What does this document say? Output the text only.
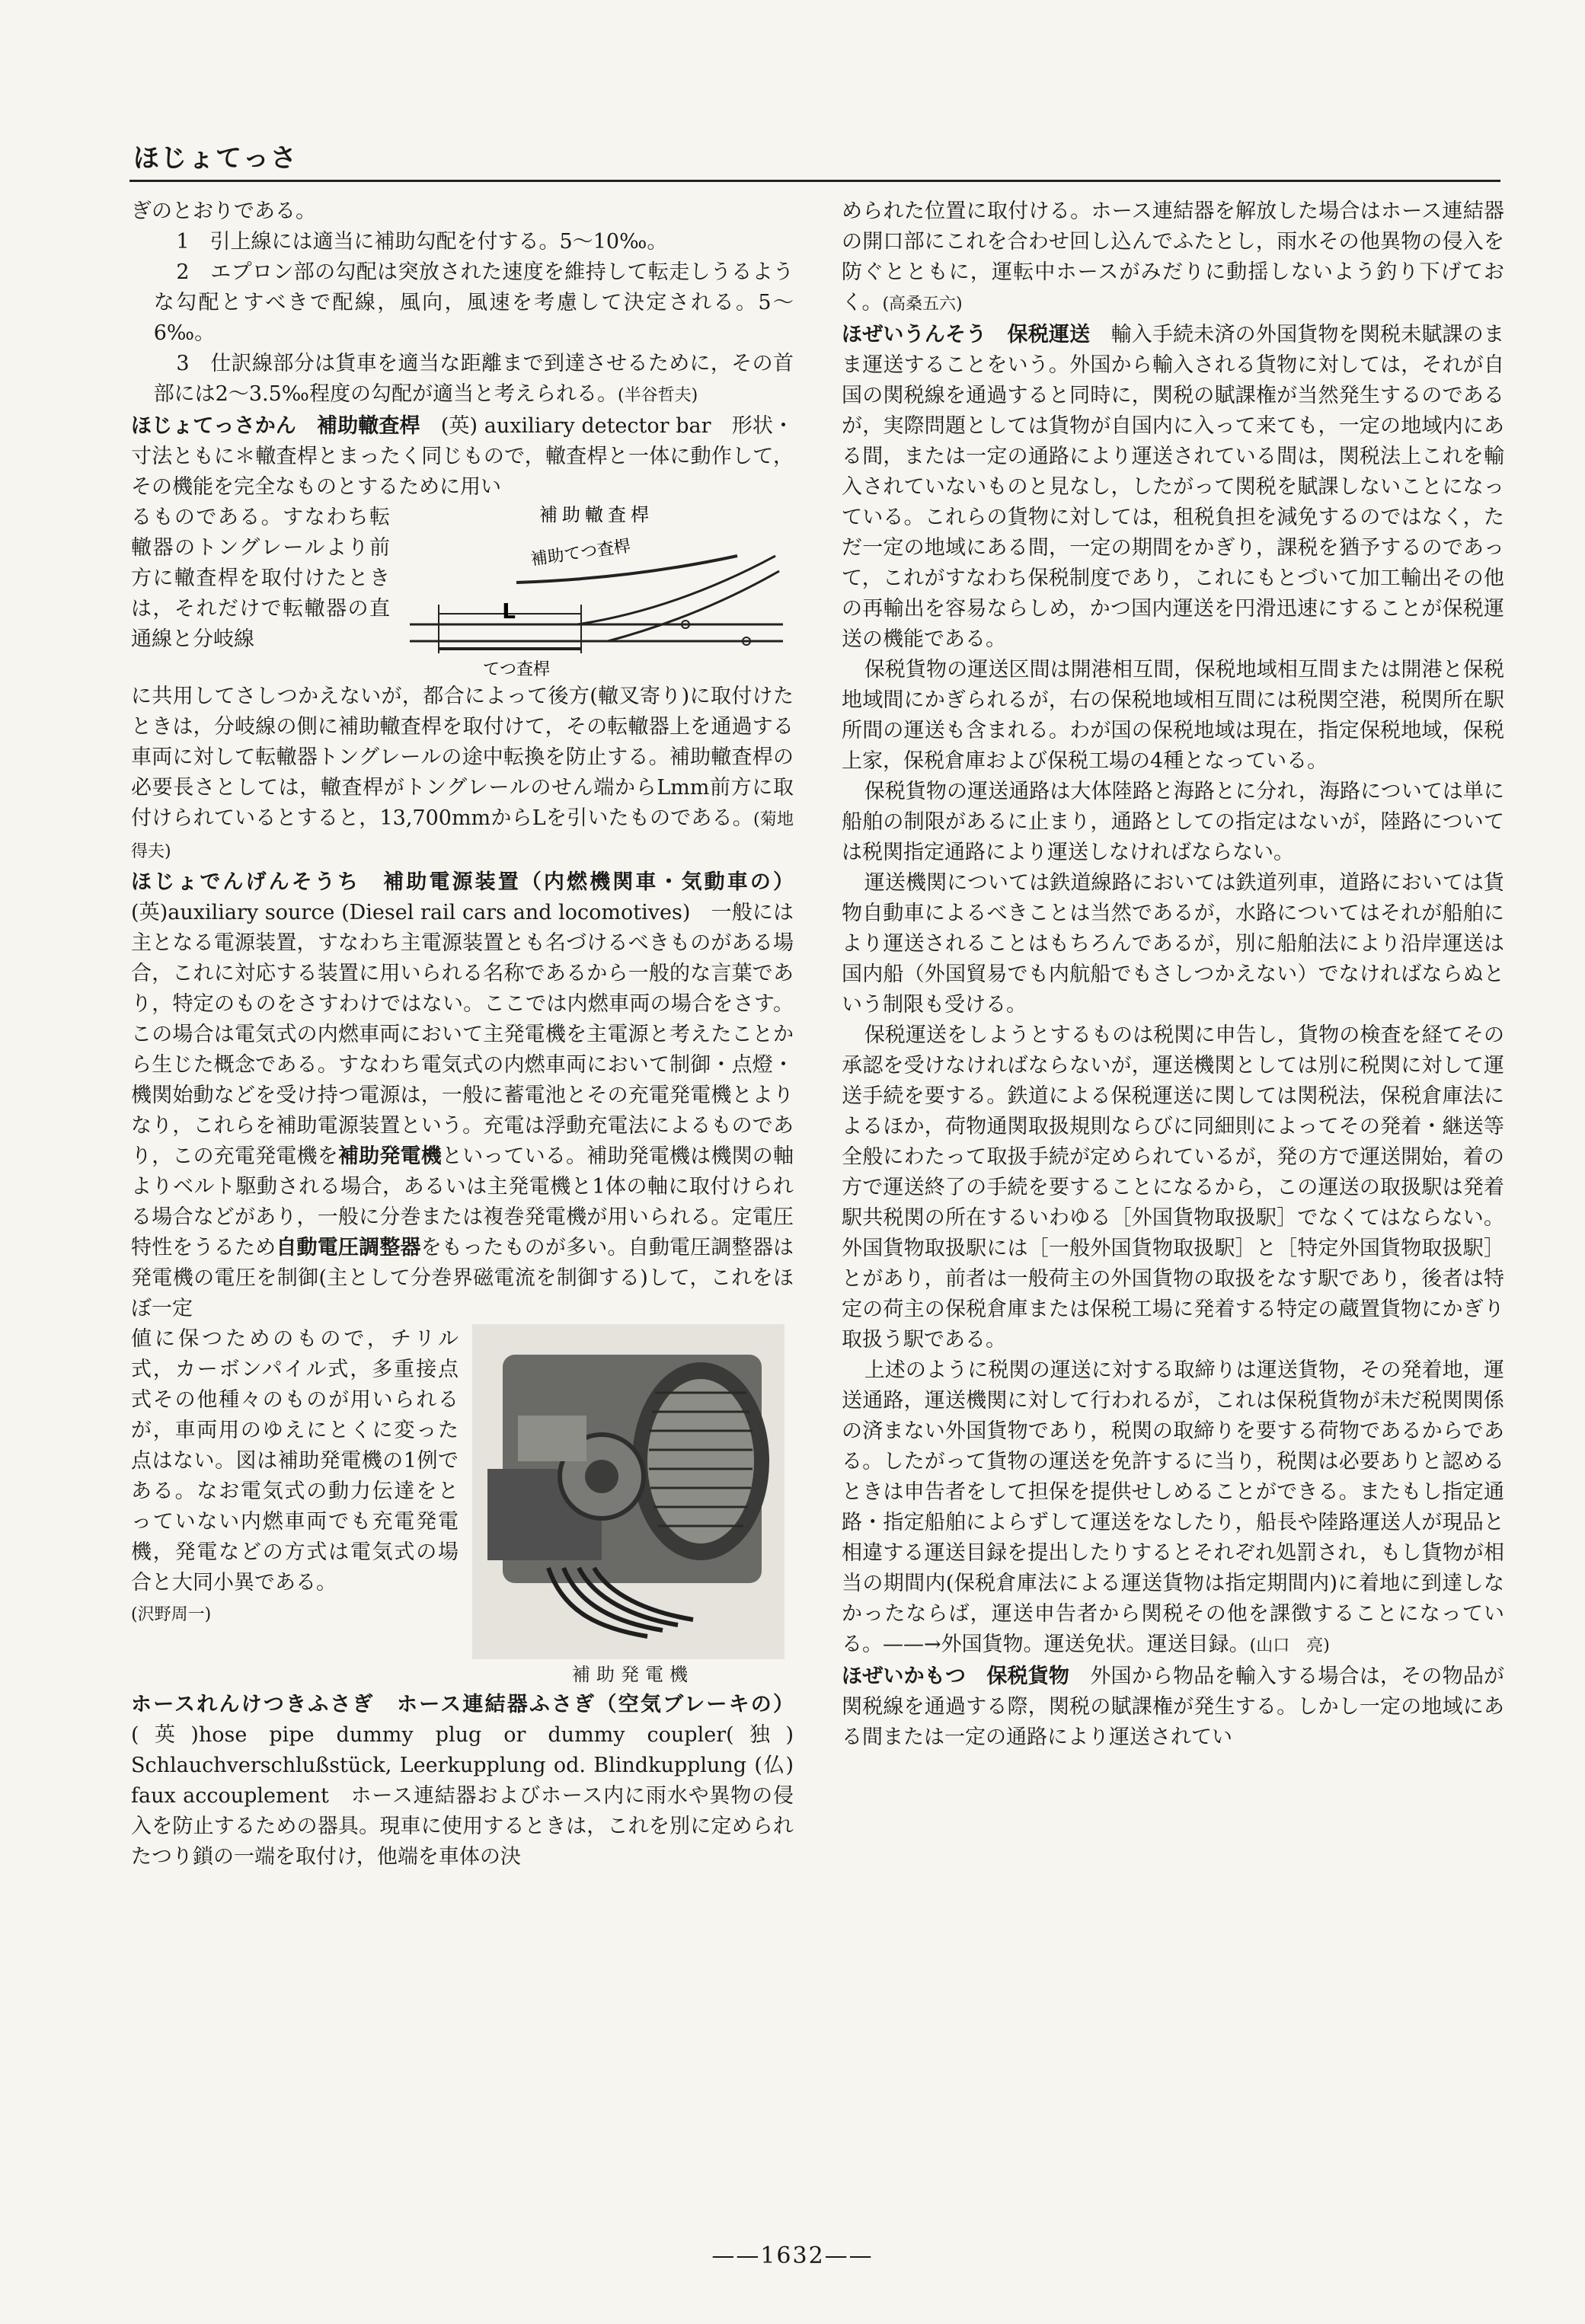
ほじょてっさ

ぎのとおりである。

1　引上線には適当に補助勾配を付する。5～10‰。

2　エプロン部の勾配は突放された速度を維持して転走しうるような勾配とすべきで配線，風向，風速を考慮して決定される。5～6‰。

3　仕訳線部分は貨車を適当な距離まで到達させるために，その首部には2～3.5‰程度の勾配が適当と考えられる。(半谷哲夫)

ほじょてっさかん　補助轍査桿　(英) auxiliary detector bar　形状・寸法ともに＊轍査桿とまったく同じもので，轍査桿と一体に動作して，その機能を完全なものとするために用い

るものである。すなわち転轍器のトングレールより前方に轍査桿を取付けたときは，それだけで転轍器の直通線と分岐線
補助轍査桿
L
補助てつ査桿
てつ査桿

に共用してさしつかえないが，都合によって後方(轍叉寄り)に取付けたときは，分岐線の側に補助轍査桿を取付けて，その転轍器上を通過する車両に対して転轍器トングレールの途中転換を防止する。補助轍査桿の必要長さとしては，轍査桿がトングレールのせん端からLmm前方に取付けられているとすると，13,700mmからLを引いたものである。(菊地得夫)

ほじょでんげんそうち　補助電源装置（内燃機関車・気動車の）(英)auxiliary source (Diesel rail cars and locomotives)　一般には主となる電源装置，すなわち主電源装置とも名づけるべきものがある場合，これに対応する装置に用いられる名称であるから一般的な言葉であり，特定のものをさすわけではない。ここでは内燃車両の場合をさす。この場合は電気式の内燃車両において主発電機を主電源と考えたことから生じた概念である。すなわち電気式の内燃車両において制御・点燈・機関始動などを受け持つ電源は，一般に蓄電池とその充電発電機とよりなり，これらを補助電源装置という。充電は浮動充電法によるものであり，この充電発電機を補助発電機といっている。補助発電機は機関の軸よりベルト駆動される場合，あるいは主発電機と1体の軸に取付けられる場合などがあり，一般に分巻または複巻発電機が用いられる。定電圧特性をうるため自動電圧調整器をもったものが多い。自動電圧調整器は発電機の電圧を制御(主として分巻界磁電流を制御する)して，これをほぼ一定

値に保つためのもので，チリル式，カーボンパイル式，多重接点式その他種々のものが用いられるが，車両用のゆえにとくに変った点はない。図は補助発電機の1例である。なお電気式の動力伝達をとっていない内燃車両でも充電発電機，発電などの方式は電気式の場合と大同小異である。
(沢野周一)
補助発電機

ホースれんけつきふさぎ　ホース連結器ふさぎ（空気ブレーキの）(英)hose pipe dummy plug or dummy coupler(独) Schlauchverschlußstück, Leerkupplung od. Blindkupplung (仏) faux accouplement　ホース連結器およびホース内に雨水や異物の侵入を防止するための器具。現車に使用するときは，これを別に定められたつり鎖の一端を取付け，他端を車体の決

められた位置に取付ける。ホース連結器を解放した場合はホース連結器の開口部にこれを合わせ回し込んでふたとし，雨水その他異物の侵入を防ぐとともに，運転中ホースがみだりに動揺しないよう釣り下げておく。(高桑五六)

ほぜいうんそう　保税運送　輸入手続未済の外国貨物を関税未賦課のまま運送することをいう。外国から輸入される貨物に対しては，それが自国の関税線を通過すると同時に，関税の賦課権が当然発生するのであるが，実際問題としては貨物が自国内に入って来ても，一定の地域内にある間，または一定の通路により運送されている間は，関税法上これを輸入されていないものと見なし，したがって関税を賦課しないことになっている。これらの貨物に対しては，租税負担を減免するのではなく，ただ一定の地域にある間，一定の期間をかぎり，課税を猶予するのであって，これがすなわち保税制度であり，これにもとづいて加工輸出その他の再輸出を容易ならしめ，かつ国内運送を円滑迅速にすることが保税運送の機能である。

保税貨物の運送区間は開港相互間，保税地域相互間または開港と保税地域間にかぎられるが，右の保税地域相互間には税関空港，税関所在駅所間の運送も含まれる。わが国の保税地域は現在，指定保税地域，保税上家，保税倉庫および保税工場の4種となっている。

保税貨物の運送通路は大体陸路と海路とに分れ，海路については単に船舶の制限があるに止まり，通路としての指定はないが，陸路については税関指定通路により運送しなければならない。

運送機関については鉄道線路においては鉄道列車，道路においては貨物自動車によるべきことは当然であるが，水路についてはそれが船舶により運送されることはもちろんであるが，別に船舶法により沿岸運送は国内船（外国貿易でも内航船でもさしつかえない）でなければならぬという制限も受ける。

保税運送をしようとするものは税関に申告し，貨物の検査を経てその承認を受けなければならないが，運送機関としては別に税関に対して運送手続を要する。鉄道による保税運送に関しては関税法，保税倉庫法によるほか，荷物通関取扱規則ならびに同細則によってその発着・継送等全般にわたって取扱手続が定められているが，発の方で運送開始，着の方で運送終了の手続を要することになるから，この運送の取扱駅は発着駅共税関の所在するいわゆる［外国貨物取扱駅］でなくてはならない。外国貨物取扱駅には［一般外国貨物取扱駅］と［特定外国貨物取扱駅］とがあり，前者は一般荷主の外国貨物の取扱をなす駅であり，後者は特定の荷主の保税倉庫または保税工場に発着する特定の蔵置貨物にかぎり取扱う駅である。

上述のように税関の運送に対する取締りは運送貨物，その発着地，運送通路，運送機関に対して行われるが，これは保税貨物が未だ税関関係の済まない外国貨物であり，税関の取締りを要する荷物であるからである。したがって貨物の運送を免許するに当り，税関は必要ありと認めるときは申告者をして担保を提供せしめることができる。またもし指定通路・指定船舶によらずして運送をなしたり，船長や陸路運送人が現品と相違する運送目録を提出したりするとそれぞれ処罰され，もし貨物が相当の期間内(保税倉庫法による運送貨物は指定期間内)に着地に到達しなかったならば，運送申告者から関税その他を課徴することになっている。——→外国貨物。運送免状。運送目録。(山口　亮)

ほぜいかもつ　保税貨物　外国から物品を輸入する場合は，その物品が関税線を通過する際，関税の賦課権が発生する。しかし一定の地域にある間または一定の通路により運送されてい

——1632——
